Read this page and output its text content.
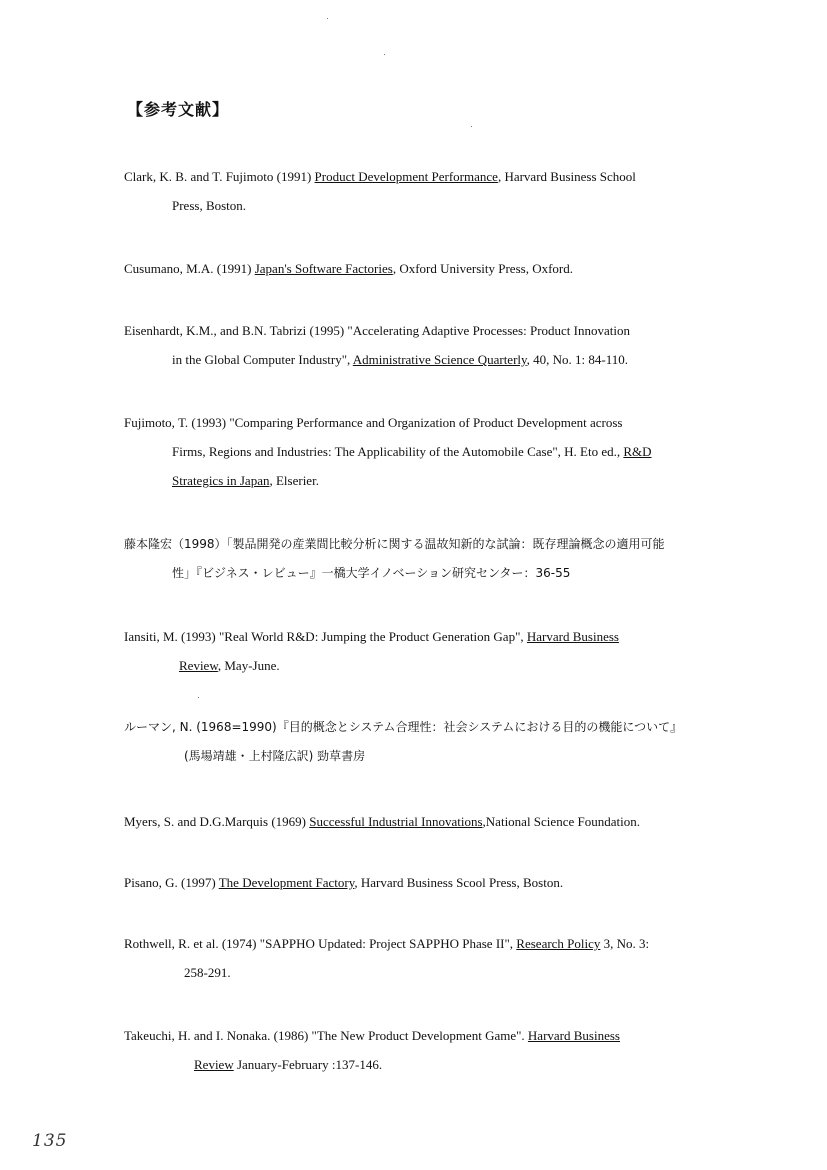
【参考文献】
Clark, K. B. and T. Fujimoto (1991) Product Development Performance, Harvard Business School
Press, Boston.
Cusumano, M.A. (1991) Japan's Software Factories, Oxford University Press, Oxford.
Eisenhardt, K.M., and B.N. Tabrizi (1995) "Accelerating Adaptive Processes: Product Innovation
in the Global Computer Industry", Administrative Science Quarterly, 40, No. 1: 84-110.
Fujimoto, T. (1993) "Comparing Performance and Organization of Product Development across
Firms, Regions and Industries: The Applicability of the Automobile Case", H. Eto ed., R&D
Strategics in Japan, Elserier.
藤本隆宏（1998）「製品開発の産業間比較分析に関する温故知新的な試論：既存理論概念の適用可能
性」『ビジネス・レビュー』一橋大学イノベーション研究センター：36-55
Iansiti, M. (1993) "Real World R&D: Jumping the Product Generation Gap", Harvard Business
Review, May-June.
ルーマン, N. (1968=1990)『目的概念とシステム合理性：社会システムにおける目的の機能について』
(馬場靖雄・上村隆広訳) 勁草書房
Myers, S. and D.G.Marquis (1969) Successful Industrial Innovations,National Science Foundation.
Pisano, G. (1997) The Development Factory, Harvard Business Scool Press, Boston.
Rothwell, R. et al. (1974) "SAPPHO Updated: Project SAPPHO Phase II", Research Policy 3, No. 3:
258-291.
Takeuchi, H. and I. Nonaka. (1986) "The New Product Development Game". Harvard Business
Review January-February :137-146.
135
